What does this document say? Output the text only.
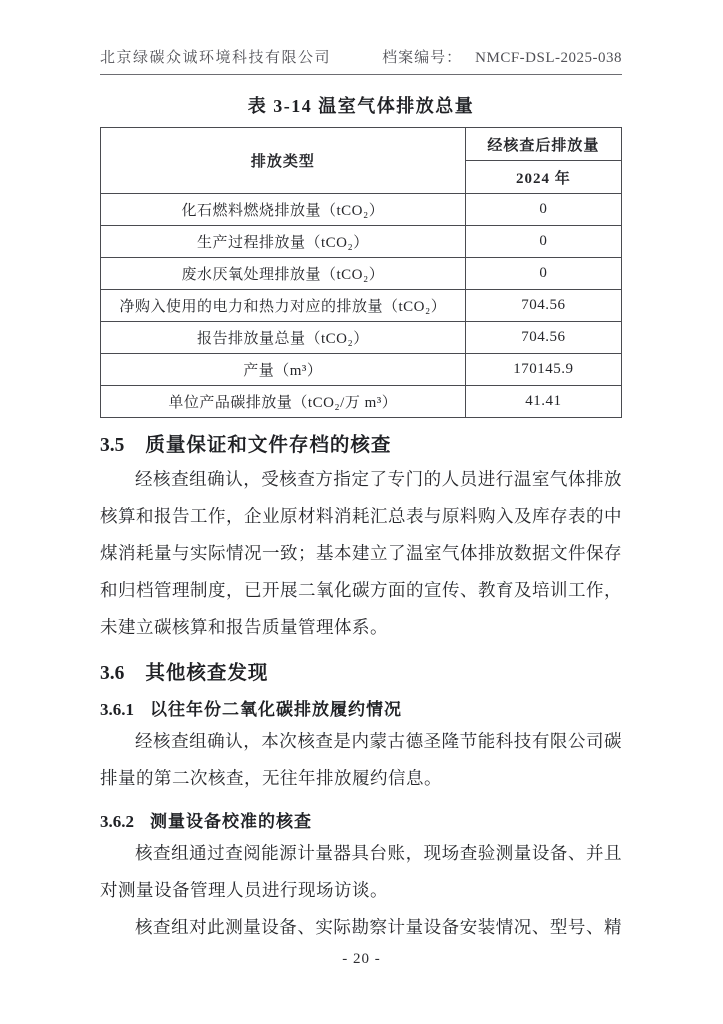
北京绿碳众诚环境科技有限公司	档案编号： NMCF-DSL-2025-038
表 3-14 温室气体排放总量
排放类型	经核查后排放量
	2024 年
化石燃料燃烧排放量（tCO₂）	0
生产过程排放量（tCO₂）	0
废水厌氧处理排放量（tCO₂）	0
净购入使用的电力和热力对应的排放量（tCO₂）	704.56
报告排放量总量（tCO₂）	704.56
产量（m³）	170145.9
单位产品碳排放量（tCO₂/万 m³）	41.41
3.5 质量保证和文件存档的核查
经核查组确认，受核查方指定了专门的人员进行温室气体排放
核算和报告工作，企业原材料消耗汇总表与原料购入及库存表的中
煤消耗量与实际情况一致；基本建立了温室气体排放数据文件保存
和归档管理制度，已开展二氧化碳方面的宣传、教育及培训工作，
未建立碳核算和报告质量管理体系。
3.6 其他核查发现
3.6.1 以往年份二氧化碳排放履约情况
经核查组确认，本次核查是内蒙古德圣隆节能科技有限公司碳
排量的第二次核查，无往年排放履约信息。
3.6.2 测量设备校准的核查
核查组通过查阅能源计量器具台账，现场查验测量设备、并且
对测量设备管理人员进行现场访谈。
核查组对此测量设备、实际勘察计量设备安装情况、型号、精
- 20 -
